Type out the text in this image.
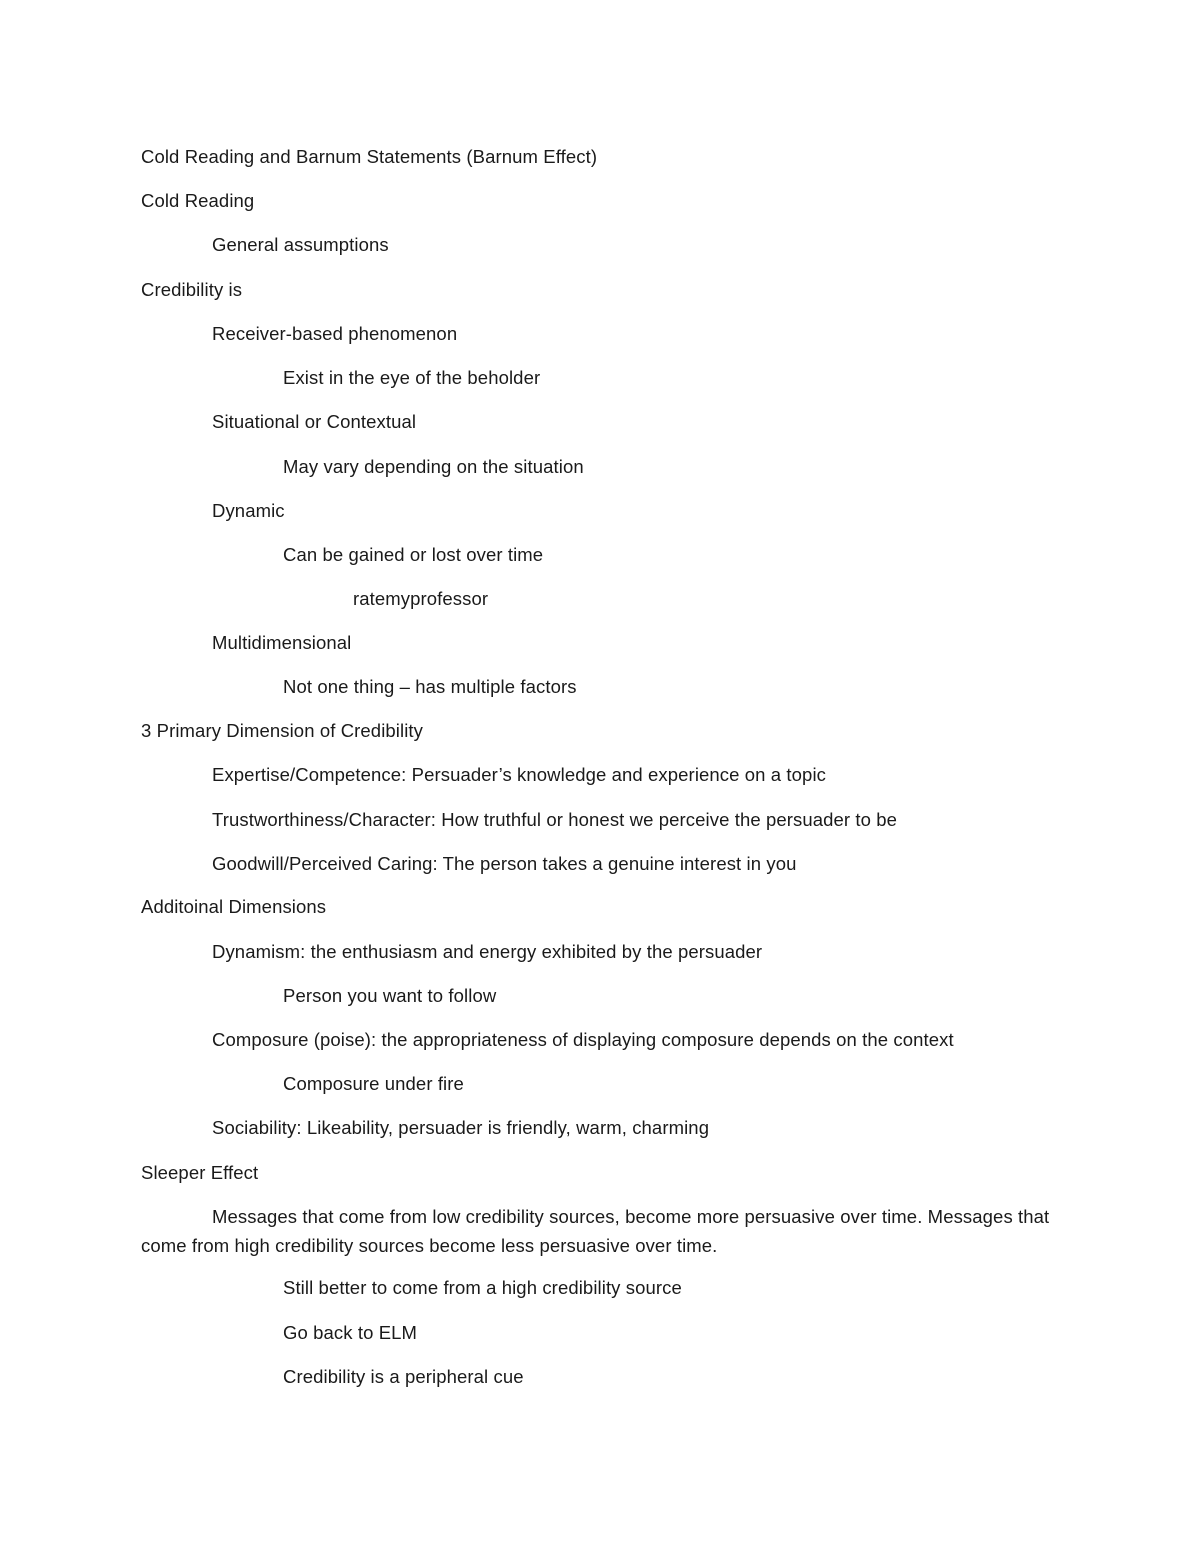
Cold Reading and Barnum Statements (Barnum Effect)
Cold Reading
General assumptions
Credibility is
Receiver-based phenomenon
Exist in the eye of the beholder
Situational or Contextual
May vary depending on the situation
Dynamic
Can be gained or lost over time
ratemyprofessor
Multidimensional
Not one thing – has multiple factors
3 Primary Dimension of Credibility
Expertise/Competence: Persuader’s knowledge and experience on a topic
Trustworthiness/Character: How truthful or honest we perceive the persuader to be
Goodwill/Perceived Caring: The person takes a genuine interest in you
Additoinal Dimensions
Dynamism: the enthusiasm and energy exhibited by the persuader
Person you want to follow
Composure (poise): the appropriateness of displaying composure depends on the context
Composure under fire
Sociability: Likeability, persuader is friendly, warm, charming
Sleeper Effect
Messages that come from low credibility sources, become more persuasive over time. Messages that come from high credibility sources become less persuasive over time.
Still better to come from a high credibility source
Go back to ELM
Credibility is a peripheral cue
